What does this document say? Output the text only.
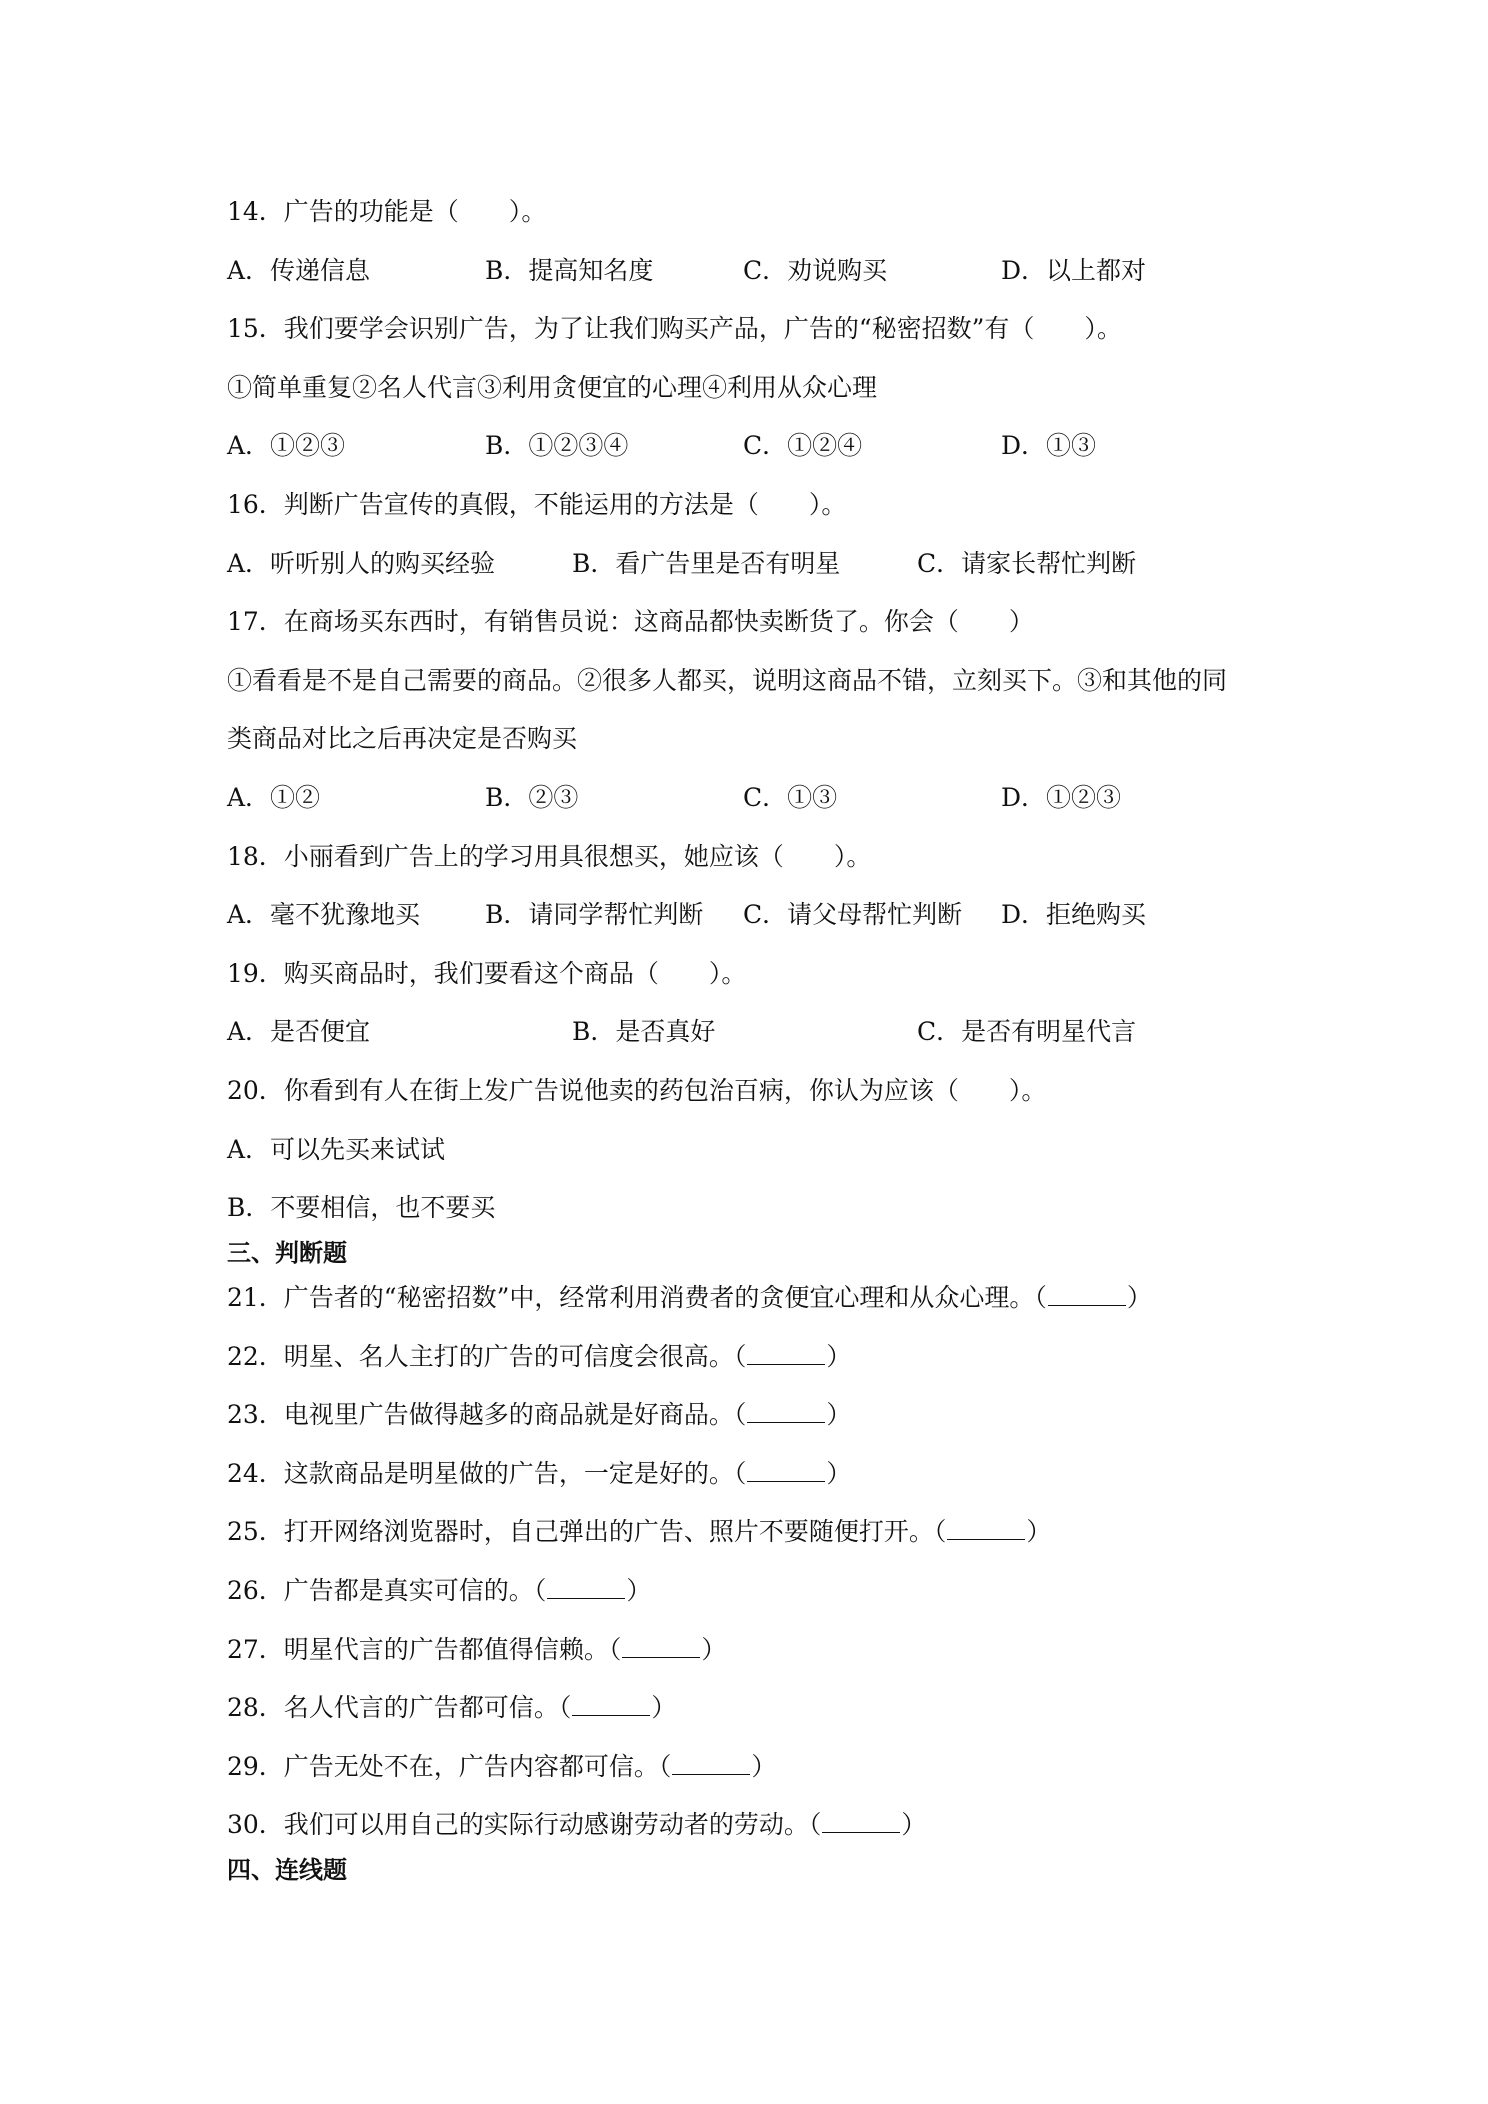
14．广告的功能是（　　）。
A．传递信息	B．提高知名度	C．劝说购买	D．以上都对
15．我们要学会识别广告，为了让我们购买产品，广告的“秘密招数”有（　　）。
①简单重复②名人代言③利用贪便宜的心理④利用从众心理
A．①②③	B．①②③④	C．①②④	D．①③
16．判断广告宣传的真假，不能运用的方法是（　　）。
A．听听别人的购买经验	B．看广告里是否有明星	C．请家长帮忙判断
17．在商场买东西时，有销售员说：这商品都快卖断货了。你会（　　）
①看看是不是自己需要的商品。②很多人都买，说明这商品不错，立刻买下。③和其他的同
类商品对比之后再决定是否购买
A．①②	B．②③	C．①③	D．①②③
18．小丽看到广告上的学习用具很想买，她应该（　　）。
A．毫不犹豫地买	B．请同学帮忙判断	C．请父母帮忙判断	D．拒绝购买
19．购买商品时，我们要看这个商品（　　）。
A．是否便宜	B．是否真好	C．是否有明星代言
20．你看到有人在街上发广告说他卖的药包治百病，你认为应该（　　）。
A．可以先买来试试
B．不要相信，也不要买
三、判断题
21．广告者的“秘密招数”中，经常利用消费者的贪便宜心理和从众心理。（	）
22．明星、名人主打的广告的可信度会很高。（	）
23．电视里广告做得越多的商品就是好商品。（	）
24．这款商品是明星做的广告，一定是好的。（	）
25．打开网络浏览器时，自己弹出的广告、照片不要随便打开。（	）
26．广告都是真实可信的。（	）
27．明星代言的广告都值得信赖。（	）
28．名人代言的广告都可信。（	）
29．广告无处不在，广告内容都可信。（	）
30．我们可以用自己的实际行动感谢劳动者的劳动。（	）
四、连线题
